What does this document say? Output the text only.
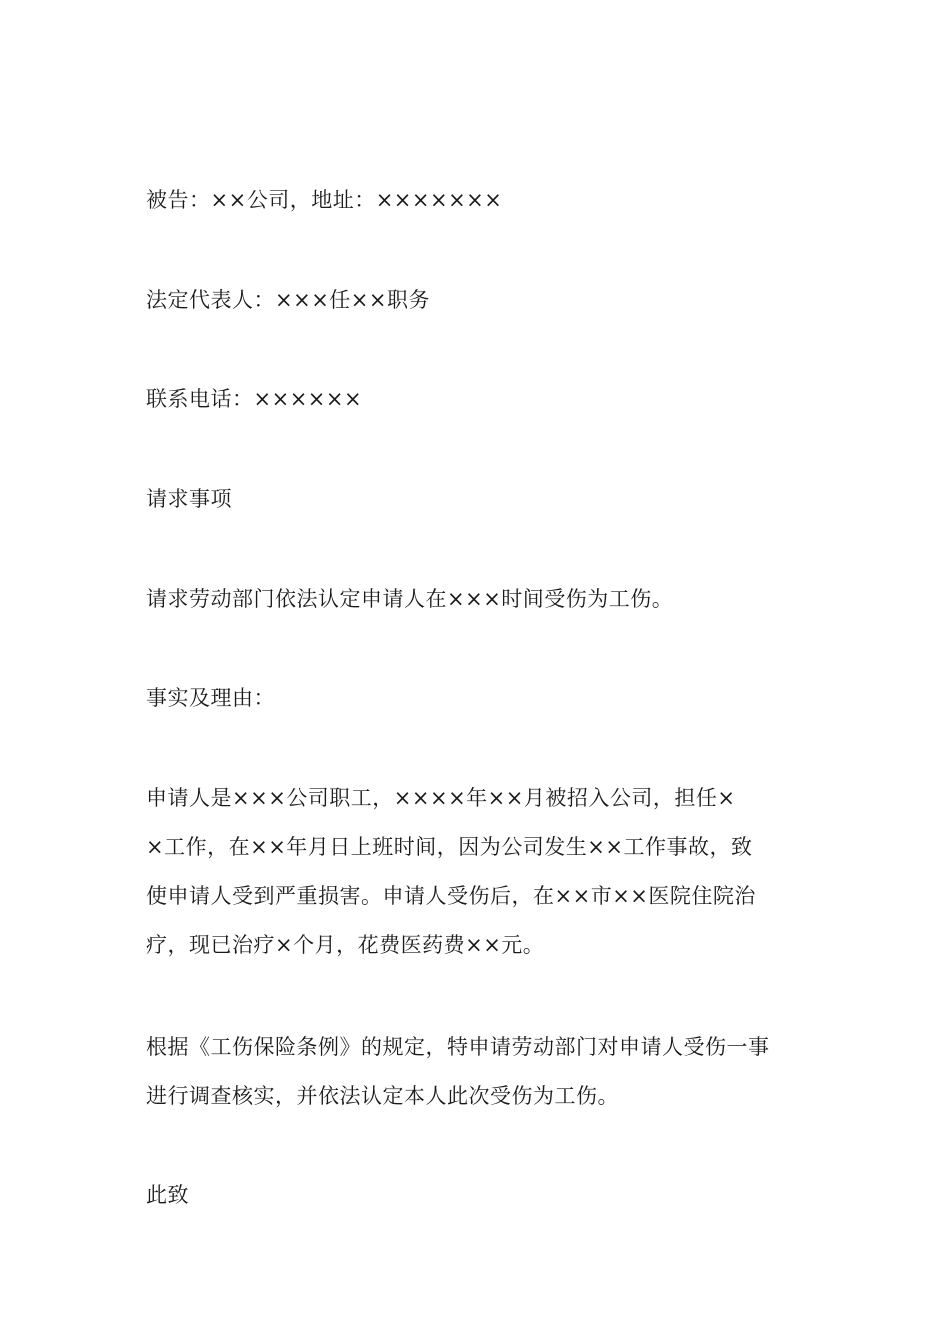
被告：××公司，地址：×××××××
法定代表人：×××任××职务
联系电话：××××××
请求事项
请求劳动部门依法认定申请人在×××时间受伤为工伤。
事实及理由：
申请人是×××公司职工，××××年××月被招入公司，担任×
×工作，在××年月日上班时间，因为公司发生××工作事故，致
使申请人受到严重损害。申请人受伤后，在××市××医院住院治
疗，现已治疗×个月，花费医药费××元。
根据《工伤保险条例》的规定，特申请劳动部门对申请人受伤一事
进行调查核实，并依法认定本人此次受伤为工伤。
此致
